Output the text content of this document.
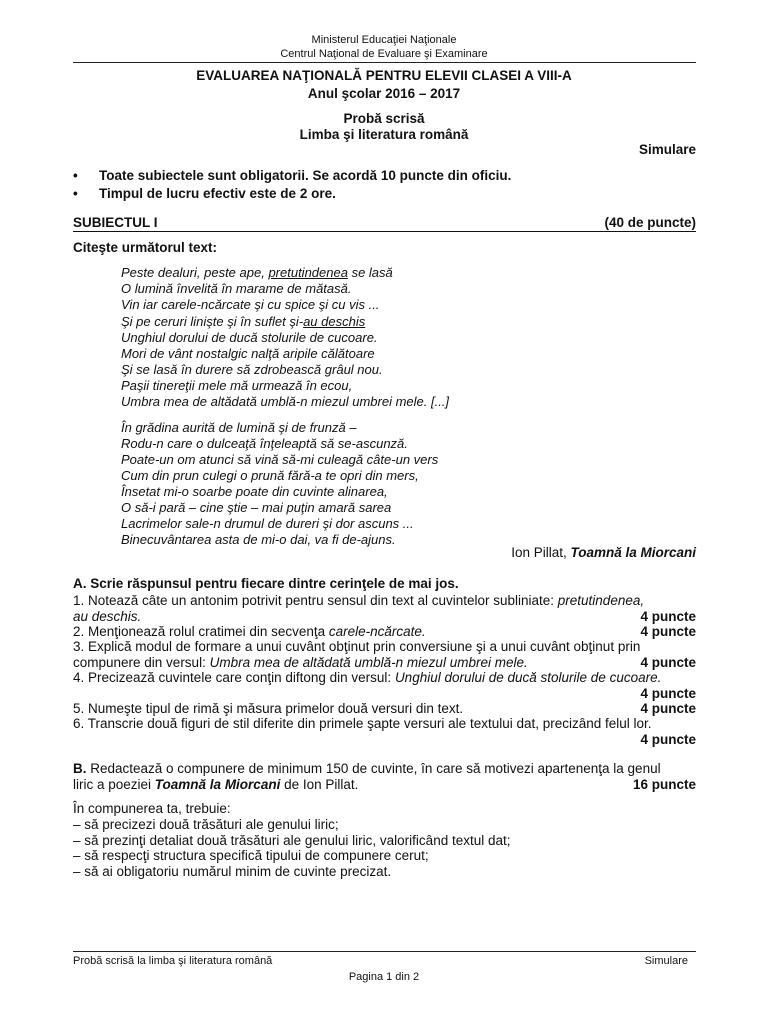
Ministerul Educaţiei Naţionale
Centrul Naţional de Evaluare şi Examinare
EVALUAREA NAŢIONALĂ PENTRU ELEVII CLASEI A VIII-A
Anul şcolar 2016 – 2017
Probă scrisă
Limba şi literatura română
Simulare
• Toate subiectele sunt obligatorii. Se acordă 10 puncte din oficiu.
• Timpul de lucru efectiv este de 2 ore.
SUBIECTUL I	(40 de puncte)
Citeşte următorul text:
Peste dealuri, peste ape, pretutindenea se lasă
O lumină învelită în marame de mătasă.
Vin iar carele-ncărcate şi cu spice şi cu vis ...
Şi pe ceruri linişte şi în suflet şi-au deschis
Unghiul dorului de ducă stolurile de cucoare.
Mori de vânt nostalgic nalţă aripile călătoare
Şi se lasă în durere să zdrobească grâul nou.
Paşii tinereţii mele mă urmează în ecou,
Umbra mea de altădată umblă-n miezul umbrei mele. [...]
În grădina aurită de lumină şi de frunză –
Rodu-n care o dulceaţă înţeleaptă să se-ascunză.
Poate-un om atunci să vină să-mi culeagă câte-un vers
Cum din prun culegi o prună fără-a te opri din mers,
Însetat mi-o soarbe poate din cuvinte alinarea,
O să-i pară – cine ştie – mai puţin amară sarea
Lacrimelor sale-n drumul de dureri şi dor ascuns ...
Binecuvântarea asta de mi-o dai, va fi de-ajuns.
Ion Pillat, Toamnă la Miorcani
A. Scrie răspunsul pentru fiecare dintre cerinţele de mai jos.
1. Notează câte un antonim potrivit pentru sensul din text al cuvintelor subliniate: pretutindenea,
au deschis.	4 puncte
2. Menţionează rolul cratimei din secvenţa carele-ncărcate.	4 puncte
3. Explică modul de formare a unui cuvânt obţinut prin conversiune şi a unui cuvânt obţinut prin
compunere din versul: Umbra mea de altădată umblă-n miezul umbrei mele.	4 puncte
4. Precizează cuvintele care conţin diftong din versul: Unghiul dorului de ducă stolurile de cucoare.
4 puncte
5. Numeşte tipul de rimă şi măsura primelor două versuri din text.	4 puncte
6. Transcrie două figuri de stil diferite din primele şapte versuri ale textului dat, precizând felul lor.
4 puncte
B. Redactează o compunere de minimum 150 de cuvinte, în care să motivezi apartenenţa la genul
liric a poeziei Toamnă la Miorcani de Ion Pillat.	16 puncte
În compunerea ta, trebuie:
– să precizezi două trăsături ale genului liric;
– să prezinţi detaliat două trăsături ale genului liric, valorificând textul dat;
– să respecţi structura specifică tipului de compunere cerut;
– să ai obligatoriu numărul minim de cuvinte precizat.
Probă scrisă la limba şi literatura română	Simulare
Pagina 1 din 2
